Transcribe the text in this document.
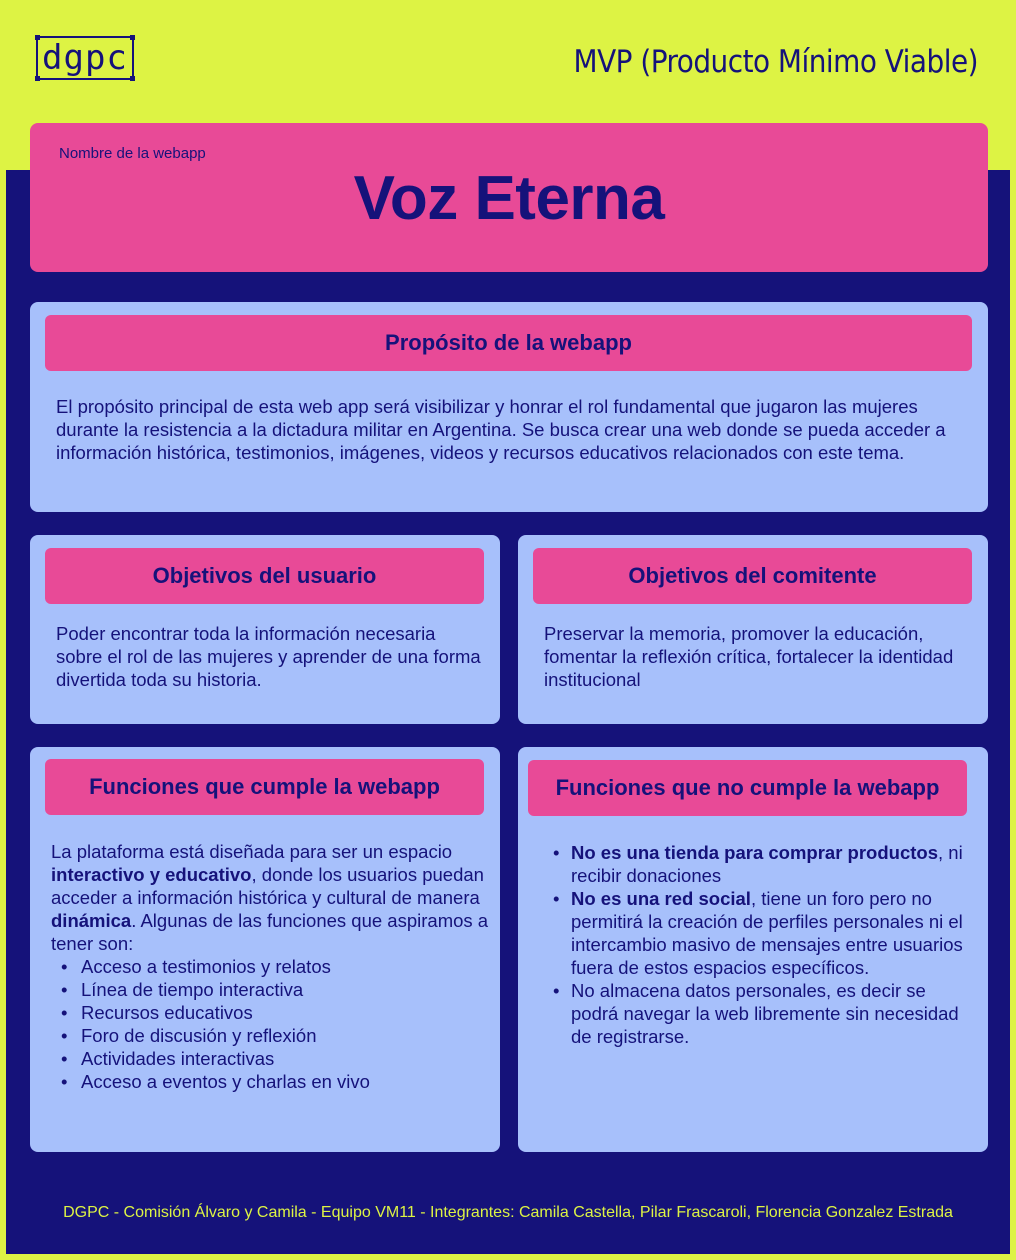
dgpc	MVP (Producto Mínimo Viable)
Nombre de la webapp
Voz Eterna
Propósito de la webapp
El propósito principal de esta web app será visibilizar y honrar el rol fundamental que jugaron las mujeres durante la resistencia a la dictadura militar en Argentina. Se busca crear una web donde se pueda acceder a información histórica, testimonios, imágenes, videos y recursos educativos relacionados con este tema.
Objetivos del usuario
Poder encontrar toda la información necesaria sobre el rol de las mujeres y aprender de una forma divertida toda su historia.
Objetivos del comitente
Preservar la memoria, promover la educación, fomentar la reflexión crítica, fortalecer la identidad institucional
Funciones que cumple la webapp

La plataforma está diseñada para ser un espacio interactivo y educativo, donde los usuarios puedan acceder a información histórica y cultural de manera dinámica. Algunas de las funciones que aspiramos a tener son:

• Acceso a testimonios y relatos
• Línea de tiempo interactiva
• Recursos educativos
• Foro de discusión y reflexión
• Actividades interactivas
• Acceso a eventos y charlas en vivo
Funciones que no cumple la webapp
• No es una tienda para comprar productos, ni recibir donaciones
• No es una red social, tiene un foro pero no permitirá la creación de perfiles personales ni el intercambio masivo de mensajes entre usuarios fuera de estos espacios específicos.
• No almacena datos personales, es decir se podrá navegar la web libremente sin necesidad de registrarse.
DGPC - Comisión Álvaro y Camila - Equipo VM11 - Integrantes: Camila Castella, Pilar Frascaroli, Florencia Gonzalez Estrada
